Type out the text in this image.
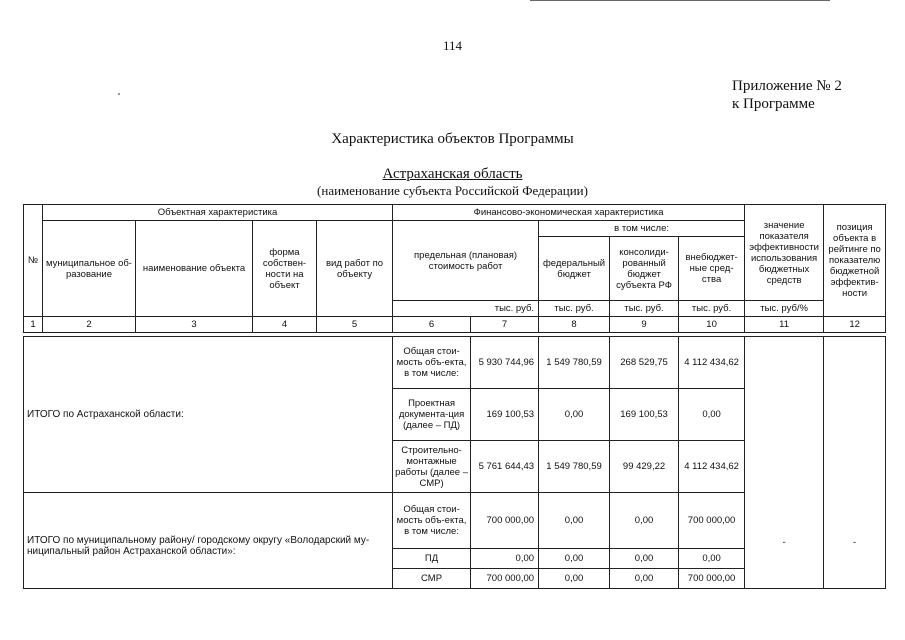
114
Приложение № 2
к Программе
Характеристика объектов Программы
Астраханская область
(наименование субъекта Российской Федерации)
№	Объектная характеристика				Финансово-экономическая характеристика					значение показателя эффективности использования бюджетных средств	позиция объекта в рейтинге по показателю бюджетной эффектив-ности
	муниципальное об-разование	наименование объекта	форма собствен-ности на объект	вид работ по объекту	предельная (плановая) стоимость работ		в том числе:				
							федеральный бюджет	консолиди-рованный бюджет субъекта РФ	внебюджет-ные сред-ства		
					тыс. руб.		тыс. руб.	тыс. руб.	тыс. руб.	тыс. руб/%	
1	2	3	4	5	6	7	8	9	10	11	12

ИТОГО по Астраханской области:					Общая стои-мость объ-екта, в том числе:	5 930 744,96	1 549 780,59	268 529,75	4 112 434,62	-	-
					Проектная документа-ция (далее – ПД)	169 100,53	0,00	169 100,53	0,00		
					Строительно-монтажные работы (далее – СМР)	5 761 644,43	1 549 780,59	99 429,22	4 112 434,62		
ИТОГО по муниципальному району/ городскому округу «Володарский му-ниципальный район Астраханской области»:					Общая стои-мость объ-екта, в том числе:	700 000,00	0,00	0,00	700 000,00		
					ПД	0,00	0,00	0,00	0,00		
					СМР	700 000,00	0,00	0,00	700 000,00		
